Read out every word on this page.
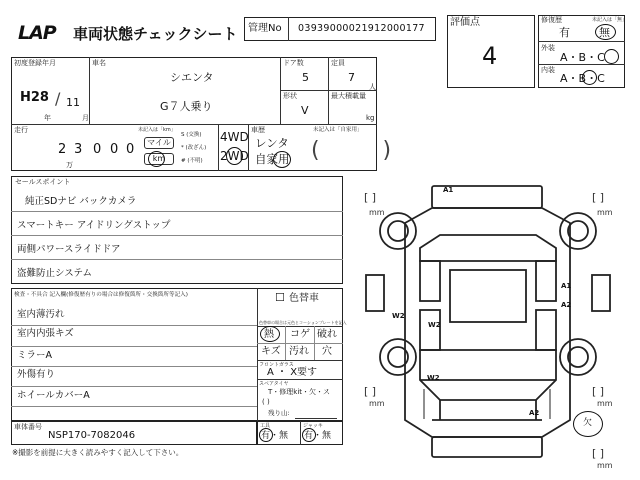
LAP	車両状態チェックシート 管理No 03939000021912000177
評価点
4
修復歴	未記入は「無」
有	無
外装
A・B・C
内装
A・B・C
初度登録年月
H28 / 11
年	月
車名
シエンタ
G７人乗り
ドア数
5
定員
7
人
形状
V
最大積載量
kg
走行	未記入は「km」
2 3 0 0 0
万
マイル
km
S (交換)
* (改ざん)
# (不明)
4WD
2WD
車歴	未記入は「自家用」
レンタ
自家用 (         )
セールスポイント
純正SDナビ バックカメラ
スマートキー アイドリングストップ
両側パワースライドドア
盗難防止システム
検査・不具合 記入欄(修復歴有りの場合は修復箇所・交換箇所等記入)
室内薄汚れ
室内内張キズ
ミラーA
外傷有り
ホイールカバーA
☐ 色替車
色替車の場合は元色とコーションプレートを記入
熱 コゲ 破れ
キズ 汚れ 穴
フロントガラス
A ・ X要す
スペアタイヤ
T・修理kit・欠・ス
( )
残り山:
工具
有・無
ジャッキ
有・無
車体番号
NSP170-7082046
※撮影を前提に大きく読みやすく記入して下さい。
A1
A1
A2
W2
W2
W2
A2
[ ]
mm
[ ]
mm
[ ]
mm
[ ]
mm
[ ]
mm
欠
